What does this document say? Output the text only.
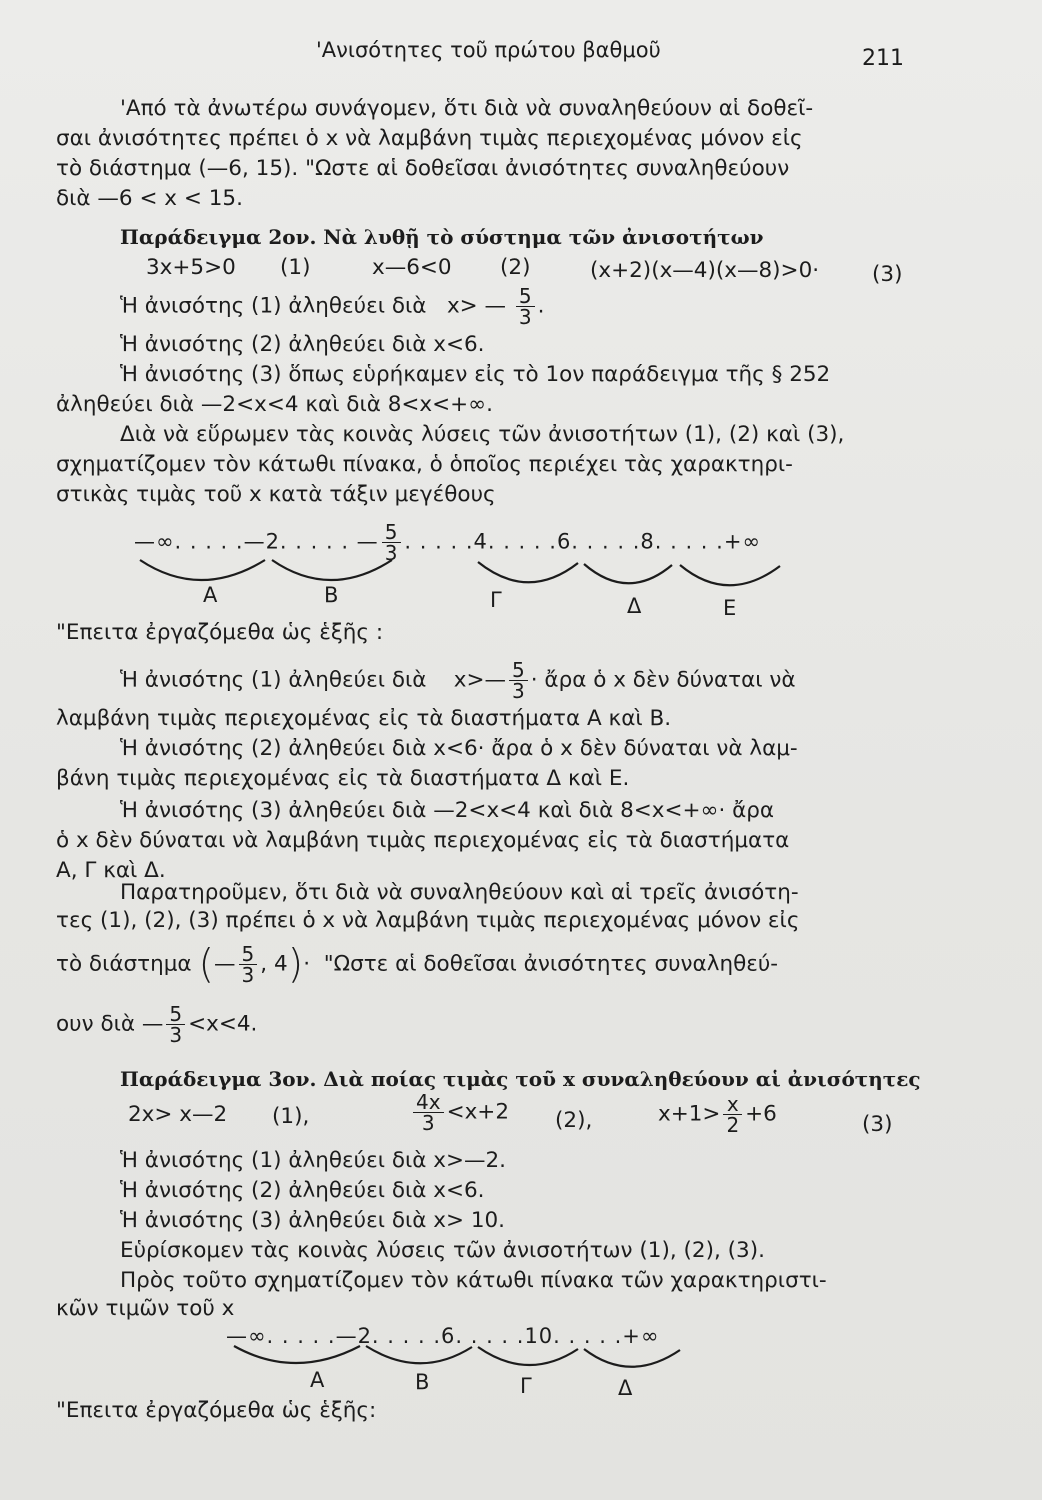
'Ανισότητες τοῦ πρώτου βαθμοῦ	211
'Από τὰ ἀνωτέρω συνάγομεν, ὅτι διὰ νὰ συναληθεύουν αἱ δοθεῖ-
σαι ἀνισότητες πρέπει ὁ x νὰ λαμβάνη τιμὰς περιεχομένας μόνον εἰς
τὸ διάστημα (—6, 15). "Ωστε αἱ δοθεῖσαι ἀνισότητες συναληθεύουν
διὰ —6 < x < 15.
Παράδειγμα 2ον. Νὰ λυθῇ τὸ σύστημα τῶν ἀνισοτήτων
3x+5>0 (1)	x—6<0 (2)	(x+2)(x—4)(x—8)>0· (3)
Ἡ ἀνισότης (1) ἀληθεύει διὰ x> — $\frac{5}{3}$ .
Ἡ ἀνισότης (2) ἀληθεύει διὰ x<6.
Ἡ ἀνισότης (3) ὅπως εὑρήκαμεν εἰς τὸ 1ον παράδειγμα τῆς § 252
ἀληθεύει διὰ —2<x<4 καὶ διὰ 8<x<+∞.
Διὰ νὰ εὕρωμεν τὰς κοινὰς λύσεις τῶν ἀνισοτήτων (1), (2) καὶ (3),
σχηματίζομεν τὸν κάτωθι πίνακα, ὁ ὁποῖος περιέχει τὰς χαρακτηρι-
στικὰς τιμὰς τοῦ x κατὰ τάξιν μεγέθους
—∞. . . . .—2. . . . . — $\frac{5}{3}$ . . . . .4. . . . .6. . . . .8. . . . .+∞
Α	Β	Γ	Δ	Ε
"Επειτα ἐργαζόμεθα ὡς ἑξῆς :
Ἡ ἀνισότης (1) ἀληθεύει διὰ x>— $\frac{5}{3}$ · ἄρα ὁ x δὲν δύναται νὰ
λαμβάνη τιμὰς περιεχομένας εἰς τὰ διαστήματα Α καὶ Β.
Ἡ ἀνισότης (2) ἀληθεύει διὰ x<6· ἄρα ὁ x δὲν δύναται νὰ λαμ-
βάνη τιμὰς περιεχομένας εἰς τὰ διαστήματα Δ καὶ Ε.
Ἡ ἀνισότης (3) ἀληθεύει διὰ —2<x<4 καὶ διὰ 8<x<+∞· ἄρα
ὁ x δὲν δύναται νὰ λαμβάνη τιμὰς περιεχομένας εἰς τὰ διαστήματα
Α, Γ καὶ Δ.
Παρατηροῦμεν, ὅτι διὰ νὰ συναληθεύουν καὶ αἱ τρεῖς ἀνισότη-
τες (1), (2), (3) πρέπει ὁ x νὰ λαμβάνη τιμὰς περιεχομένας μόνον εἰς
τὸ διάστημα (— $\frac{5}{3}$ , 4)·  "Ωστε αἱ δοθεῖσαι ἀνισότητες συναληθεύ-
ουν διὰ — $\frac{5}{3} <x<4$.
Παράδειγμα 3ον. Διὰ ποίας τιμὰς τοῦ x συναληθεύουν αἱ ἀνισότητες
2x> x—2 (1),	$\frac{4x}{3} <x+2$ (2),	$x+1> \frac{x}{2} +6$	(3)
Ἡ ἀνισότης (1) ἀληθεύει διὰ x>—2.
Ἡ ἀνισότης (2) ἀληθεύει διὰ x<6.
Ἡ ἀνισότης (3) ἀληθεύει διὰ x> 10.
Εὑρίσκομεν τὰς κοινὰς λύσεις τῶν ἀνισοτήτων (1), (2), (3).
Πρὸς τοῦτο σχηματίζομεν τὸν κάτωθι πίνακα τῶν χαρακτηριστι-
κῶν τιμῶν τοῦ x
—∞. . . . .—2. . . . .6. . . . .10. . . . .+∞
Α	Β	Γ	Δ
"Επειτα ἐργαζόμεθα ὡς ἑξῆς:
